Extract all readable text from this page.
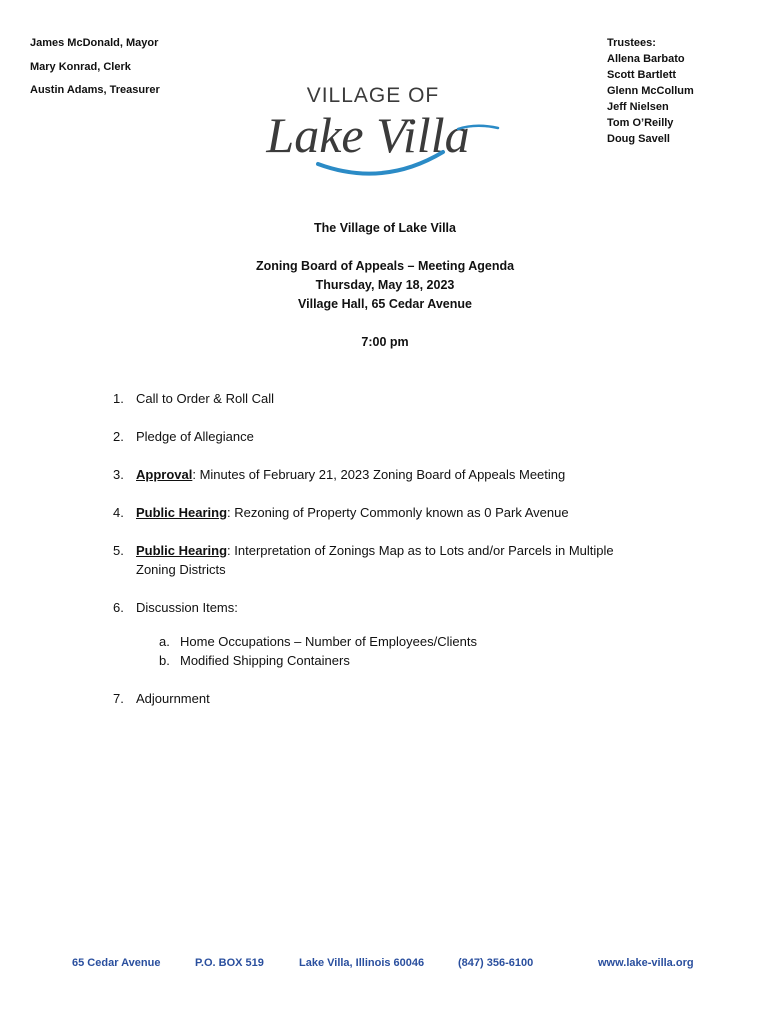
James McDonald, Mayor
Mary Konrad, Clerk
Austin Adams, Treasurer
Trustees:
Allena Barbato
Scott Bartlett
Glenn McCollum
Jeff Nielsen
Tom O’Reilly
Doug Savell
VILLAGE OF
Lake Villa
The Village of Lake Villa
Zoning Board of Appeals – Meeting Agenda
Thursday, May 18, 2023
Village Hall, 65 Cedar Avenue
7:00 pm
1. Call to Order & Roll Call
2. Pledge of Allegiance
3. Approval: Minutes of February 21, 2023 Zoning Board of Appeals Meeting
4. Public Hearing: Rezoning of Property Commonly known as 0 Park Avenue
5. Public Hearing: Interpretation of Zonings Map as to Lots and/or Parcels in Multiple
Zoning Districts
6. Discussion Items:
a. Home Occupations – Number of Employees/Clients
b. Modified Shipping Containers
7. Adjournment
65 Cedar Avenue	P.O. BOX 519	Lake Villa, Illinois 60046	(847) 356-6100	www.lake-villa.org
